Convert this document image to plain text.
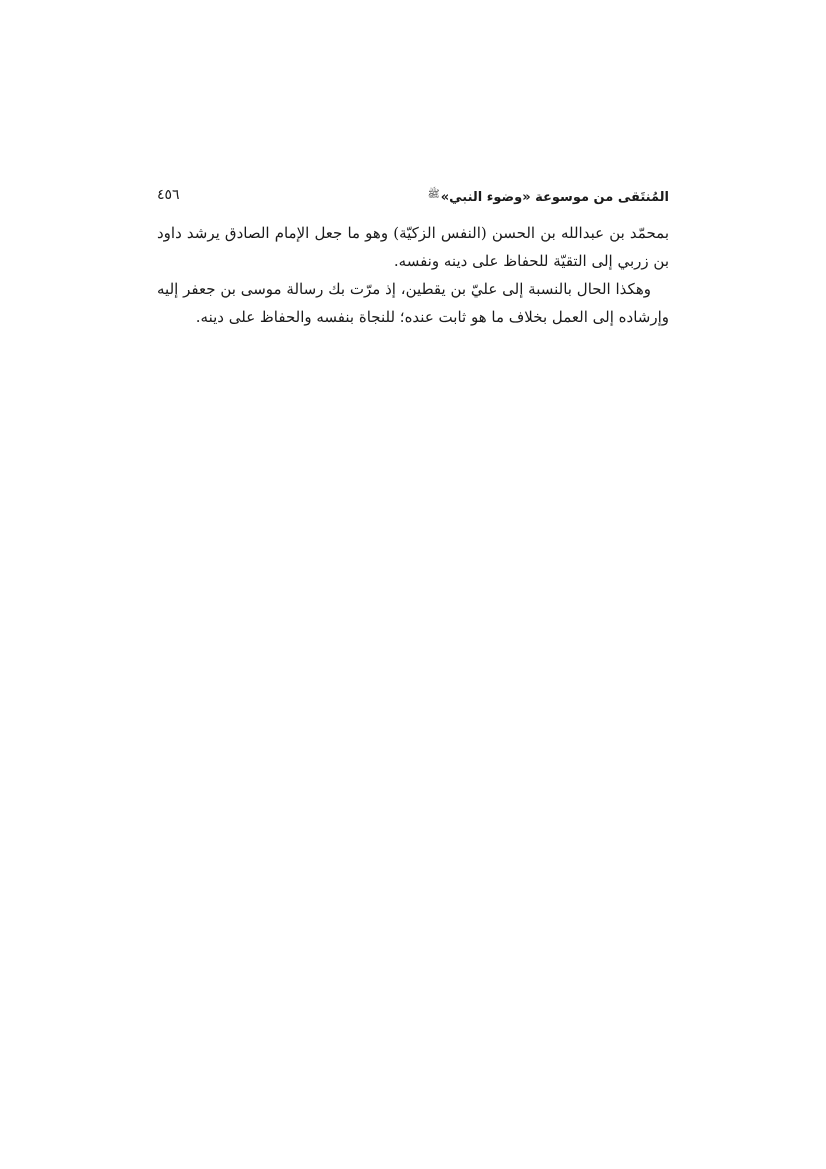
المُنتَقى من موسوعة «وضوء النبي»ﷺ
٤٥٦

بمحمّد بن عبدالله بن الحسن (النفس الزكيّة) وهو ما جعل الإمام الصادق يرشد داود بن زربي إلى التقيّة للحفاظ على دينه ونفسه.

وهكذا الحال بالنسبة إلى عليّ بن يقطين، إذ مرّت بك رسالة موسى بن جعفر إليه وإرشاده إلى العمل بخلاف ما هو ثابت عنده؛ للنجاة بنفسه والحفاظ على دينه.
